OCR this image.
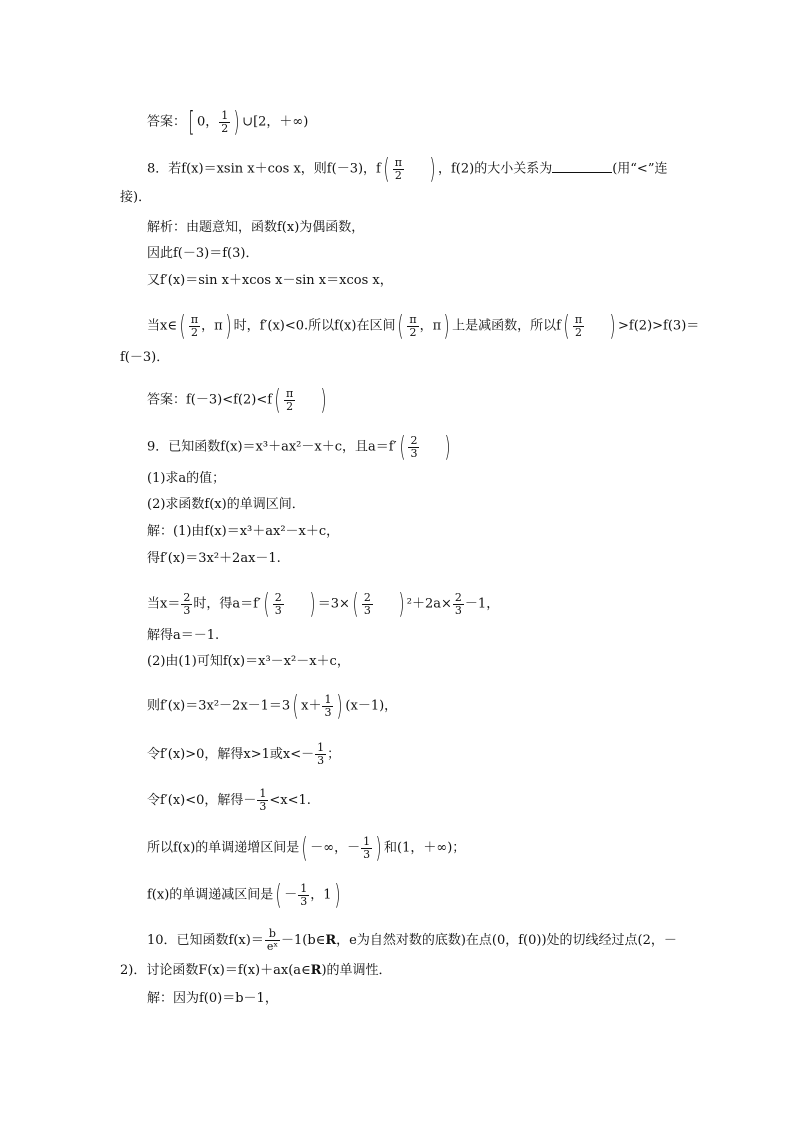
答案：[ 0， $\frac{1}{2}$ ) ∪[2，＋∞)
8．若f(x)＝xsin x＋cos x，则f(－3)，$f( \frac{\pi}{2}$ ) ，f(2)的大小关系为	(用“<”连
接)．
解析：由题意知，函数f(x)为偶函数，
因此f(－3)＝f(3)．
又f′(x)＝sin x＋xcos x－sin x＝xcos x，
当x∈( $\frac{\pi}{2}$ ，π) 时，f′(x)<0.所以f(x)在区间( $\frac{\pi}{2}$ ，π) 上是减函数，所以$f( \frac{\pi}{2}$ ) >f(2)>f(3)＝
f(－3)．
答案：$f(-3)<f(2)<f( \frac{\pi}{2}$ )
9．已知函数f(x)＝x³＋ax²－x＋c，且$a=f'( \frac{2}{3}$ )
(1)求a的值；
(2)求函数f(x)的单调区间．
解：(1)由f(x)＝x³＋ax²－x＋c，
得f′(x)＝3x²＋2ax－1.
当$x= \frac{2}{3}$ 时，得$a=f'( \frac{2}{3}$ ) $=3\times( \frac{2}{3}$ ) $^2+2a\times \frac{2}{3} -1$，
解得a＝－1.
(2)由(1)可知f(x)＝x³－x²－x＋c，
则f′(x)＝3x²－2x－1＝3( $x+ \frac{1}{3}$ ) (x－1)，
令f′(x)>0，解得x>1或$x<- \frac{1}{3}$ ；
令f′(x)<0，解得－ $\frac{1}{3} <x<1$.
所以f(x)的单调递增区间是( －∞，－ $\frac{1}{3}$ ) 和(1，＋∞)；
f(x)的单调递减区间是( － $\frac{1}{3}$ ，1)
10．已知函数$f(x)= \frac{b}{\text{eˣ}}$ －1(b∈R，e为自然对数的底数)在点(0，f(0))处的切线经过点(2，－
2)．讨论函数F(x)＝f(x)＋ax(a∈R)的单调性．
解：因为f(0)＝b－1，
